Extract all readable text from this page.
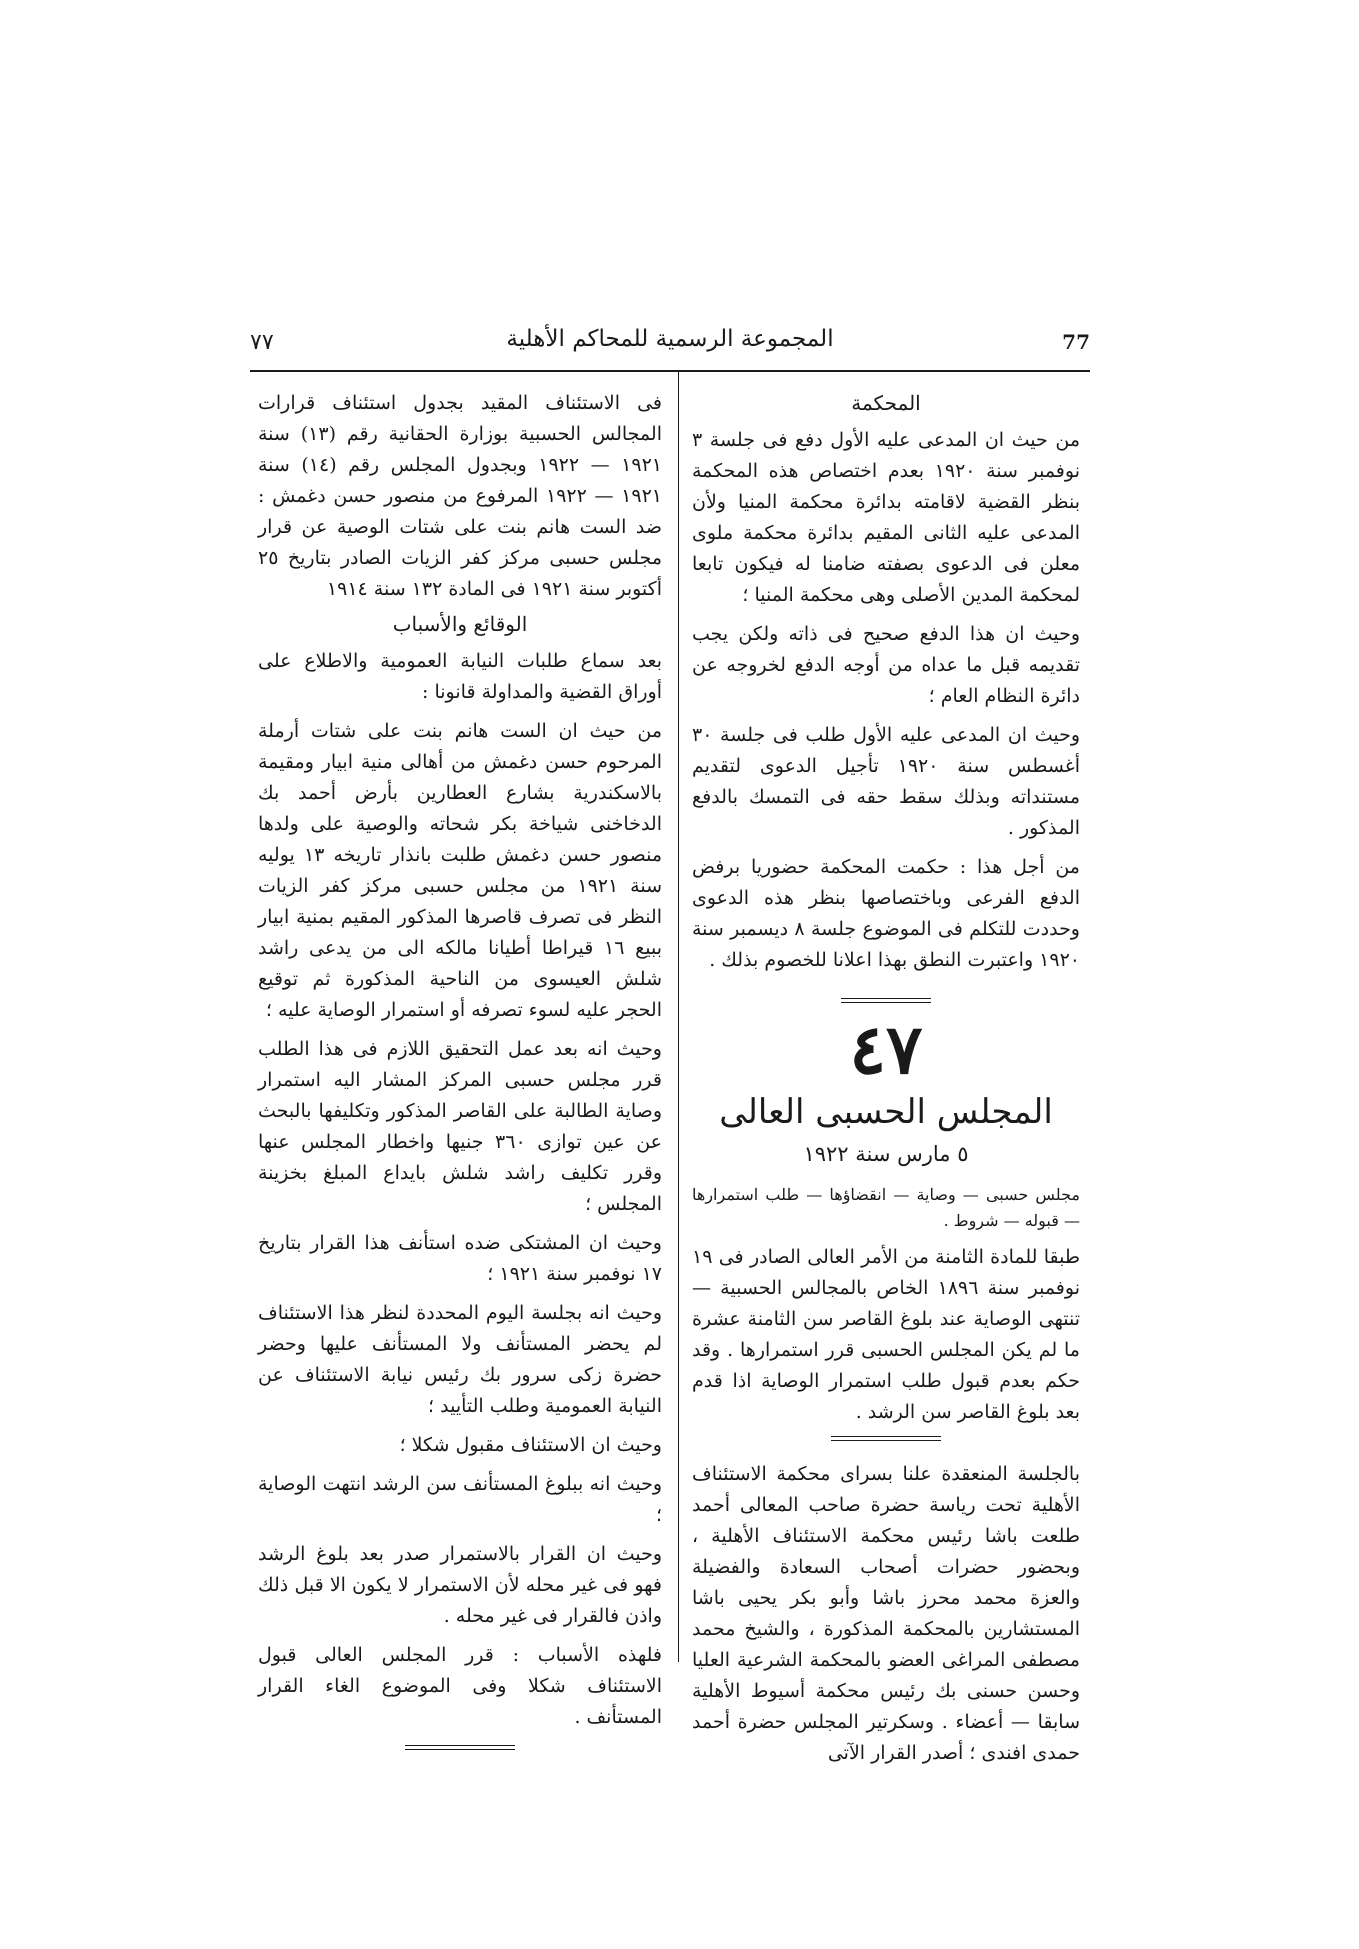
77
المجموعة الرسمية للمحاكم الأهلية
٧٧
المحكمة

من حيث ان المدعى عليه الأول دفع فى جلسة ٣ نوفمبر سنة ١٩٢٠ بعدم اختصاص هذه المحكمة بنظر القضية لاقامته بدائرة محكمة المنيا ولأن المدعى عليه الثانى المقيم بدائرة محكمة ملوى معلن فى الدعوى بصفته ضامنا له فيكون تابعا لمحكمة المدين الأصلى وهى محكمة المنيا ؛

وحيث ان هذا الدفع صحيح فى ذاته ولكن يجب تقديمه قبل ما عداه من أوجه الدفع لخروجه عن دائرة النظام العام ؛

وحيث ان المدعى عليه الأول طلب فى جلسة ٣٠ أغسطس سنة ١٩٢٠ تأجيل الدعوى لتقديم مستنداته وبذلك سقط حقه فى التمسك بالدفع المذكور .

من أجل هذا : حكمت المحكمة حضوريا برفض الدفع الفرعى وباختصاصها بنظر هذه الدعوى وحددت للتكلم فى الموضوع جلسة ٨ ديسمبر سنة ١٩٢٠ واعتبرت النطق بهذا اعلانا للخصوم بذلك .

٤٧
المجلس الحسبى العالى
٥ مارس سنة ١٩٢٢

مجلس حسبى — وصاية — انقضاؤها — طلب استمرارها — قبوله — شروط .

طبقا للمادة الثامنة من الأمر العالى الصادر فى ١٩ نوفمبر سنة ١٨٩٦ الخاص بالمجالس الحسبية — تنتهى الوصاية عند بلوغ القاصر سن الثامنة عشرة ما لم يكن المجلس الحسبى قرر استمرارها . وقد حكم بعدم قبول طلب استمرار الوصاية اذا قدم بعد بلوغ القاصر سن الرشد .

بالجلسة المنعقدة علنا بسراى محكمة الاستئناف الأهلية تحت رياسة حضرة صاحب المعالى أحمد طلعت باشا رئيس محكمة الاستئناف الأهلية ، وبحضور حضرات أصحاب السعادة والفضيلة والعزة محمد محرز باشا وأبو بكر يحيى باشا المستشارين بالمحكمة المذكورة ، والشيخ محمد مصطفى المراغى العضو بالمحكمة الشرعية العليا وحسن حسنى بك رئيس محكمة أسيوط الأهلية سابقا — أعضاء . وسكرتير المجلس حضرة أحمد حمدى افندى ؛ أصدر القرار الآتى

فى الاستئناف المقيد بجدول استئناف قرارات المجالس الحسبية بوزارة الحقانية رقم (١٣) سنة ١٩٢١ — ١٩٢٢ وبجدول المجلس رقم (١٤) سنة ١٩٢١ — ١٩٢٢ المرفوع من منصور حسن دغمش : ضد الست هانم بنت على شتات الوصية عن قرار مجلس حسبى مركز كفر الزيات الصادر بتاريخ ٢٥ أكتوبر سنة ١٩٢١ فى المادة ١٣٢ سنة ١٩١٤

الوقائع والأسباب

بعد سماع طلبات النيابة العمومية والاطلاع على أوراق القضية والمداولة قانونا :

من حيث ان الست هانم بنت على شتات أرملة المرحوم حسن دغمش من أهالى منية ابيار ومقيمة بالاسكندرية بشارع العطارين بأرض أحمد بك الدخاخنى شياخة بكر شحاته والوصية على ولدها منصور حسن دغمش طلبت بانذار تاريخه ١٣ يوليه سنة ١٩٢١ من مجلس حسبى مركز كفر الزيات النظر فى تصرف قاصرها المذكور المقيم بمنية ابيار ببيع ١٦ قيراطا أطيانا مالكه الى من يدعى راشد شلش العيسوى من الناحية المذكورة ثم توقيع الحجر عليه لسوء تصرفه أو استمرار الوصاية عليه ؛

وحيث انه بعد عمل التحقيق اللازم فى هذا الطلب قرر مجلس حسبى المركز المشار اليه استمرار وصاية الطالبة على القاصر المذكور وتكليفها بالبحث عن عين توازى ٣٦٠ جنيها واخطار المجلس عنها وقرر تكليف راشد شلش بايداع المبلغ بخزينة المجلس ؛

وحيث ان المشتكى ضده استأنف هذا القرار بتاريخ ١٧ نوفمبر سنة ١٩٢١ ؛

وحيث انه بجلسة اليوم المحددة لنظر هذا الاستئناف لم يحضر المستأنف ولا المستأنف عليها وحضر حضرة زكى سرور بك رئيس نيابة الاستئناف عن النيابة العمومية وطلب التأييد ؛

وحيث ان الاستئناف مقبول شكلا ؛

وحيث انه ببلوغ المستأنف سن الرشد انتهت الوصاية ؛

وحيث ان القرار بالاستمرار صدر بعد بلوغ الرشد فهو فى غير محله لأن الاستمرار لا يكون الا قبل ذلك واذن فالقرار فى غير محله .

فلهذه الأسباب : قرر المجلس العالى قبول الاستئناف شكلا وفى الموضوع الغاء القرار المستأنف .
